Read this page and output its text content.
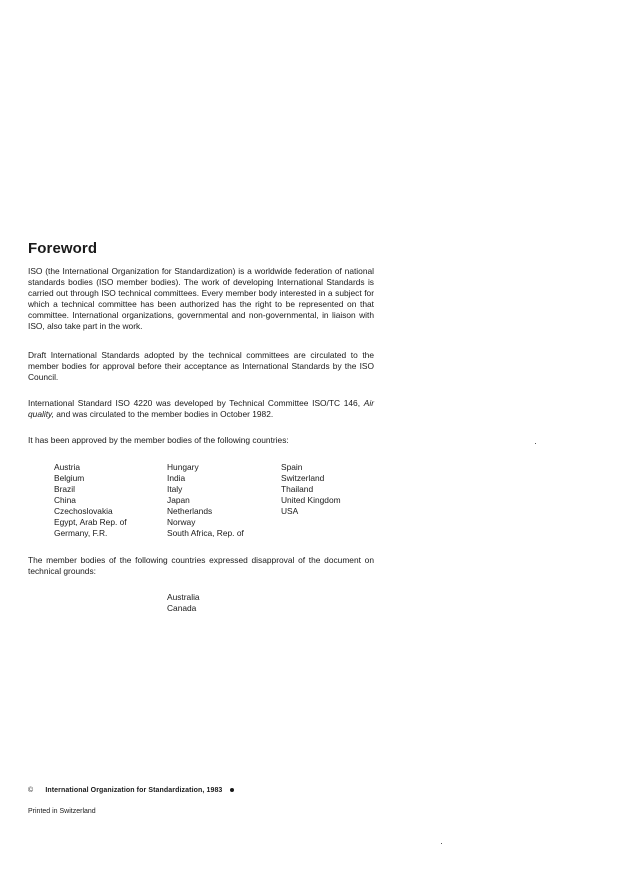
Foreword

ISO (the International Organization for Standardization) is a worldwide federation of national standards bodies (ISO member bodies). The work of developing International Standards is carried out through ISO technical committees. Every member body interested in a subject for which a technical committee has been authorized has the right to be represented on that committee. International organizations, governmental and non-governmental, in liaison with ISO, also take part in the work.

Draft International Standards adopted by the technical committees are circulated to the member bodies for approval before their acceptance as International Standards by the ISO Council.

International Standard ISO 4220 was developed by Technical Committee ISO/TC 146, Air quality, and was circulated to the member bodies in October 1982.

It has been approved by the member bodies of the following countries:

Austria
Belgium
Brazil
China
Czechoslovakia
Egypt, Arab Rep. of
Germany, F.R.
Hungary
India
Italy
Japan
Netherlands
Norway
South Africa, Rep. of
Spain
Switzerland
Thailand
United Kingdom
USA

The member bodies of the following countries expressed disapproval of the document on technical grounds:

Australia
Canada
© International Organization for Standardization, 1983
Printed in Switzerland
